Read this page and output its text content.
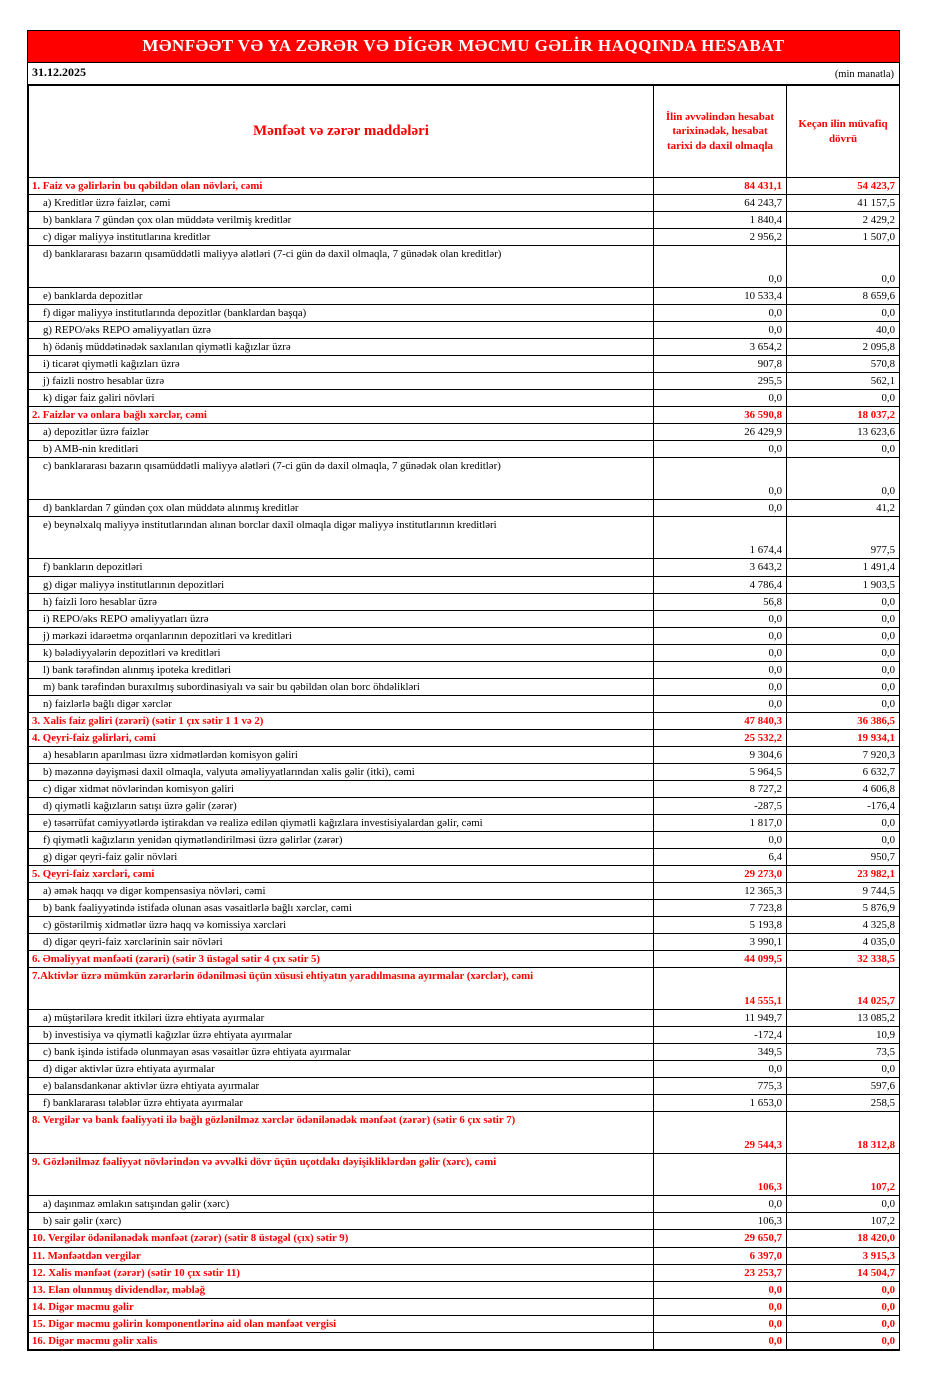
MƏNFƏƏT VƏ YA ZƏRƏR VƏ DİGƏR MƏCMU GƏLİR HAQQINDA HESABAT
31.12.2025	(min manatla)
Mənfəət və zərər maddələri	İlin əvvəlindən hesabat tarixinədək, hesabat tarixi də daxil olmaqla	Keçən ilin müvafiq dövrü
1. Faiz və gəlirlərin bu qəbildən olan növləri, cəmi	84 431,1	54 423,7
a) Kreditlər üzrə faizlər, cəmi	64 243,7	41 157,5
b) banklara 7 gündən çox olan müddətə verilmiş kreditlər	1 840,4	2 429,2
c) digər maliyyə institutlarına kreditlər	2 956,2	1 507,0
d) banklararası bazarın qısamüddətli maliyyə alətləri (7-ci gün də daxil olmaqla, 7 günədək olan kreditlər)	0,0	0,0
e) banklarda depozitlər	10 533,4	8 659,6
f) digər maliyyə institutlarında depozitlər (banklardan başqa)	0,0	0,0
g) REPO/əks REPO əməliyyatları üzrə	0,0	40,0
h) ödəniş müddətinədək saxlanılan qiymətli kağızlar üzrə	3 654,2	2 095,8
i) ticarət qiymətli kağızları üzrə	907,8	570,8
j) faizli nostro hesablar üzrə	295,5	562,1
k) digər faiz gəliri növləri	0,0	0,0
2. Faizlər və onlara bağlı xərclər, cəmi	36 590,8	18 037,2
a) depozitlər üzrə faizlər	26 429,9	13 623,6
b) AMB-nin kreditləri	0,0	0,0
c) banklararası bazarın qısamüddətli maliyyə alətləri (7-ci gün də daxil olmaqla, 7 günədək olan kreditlər)	0,0	0,0
d) banklardan 7 gündən çox olan müddətə alınmış kreditlər	0,0	41,2
e) beynəlxalq maliyyə institutlarından alınan borclar daxil olmaqla digər maliyyə institutlarının kreditləri	1 674,4	977,5
f) bankların depozitləri	3 643,2	1 491,4
g) digər maliyyə institutlarının depozitləri	4 786,4	1 903,5
h) faizli loro hesablar üzrə	56,8	0,0
i) REPO/əks REPO əməliyyatları üzrə	0,0	0,0
j) mərkəzi idarəetmə orqanlarının depozitləri və kreditləri	0,0	0,0
k) bələdiyyələrin depozitləri və kreditləri	0,0	0,0
l) bank tərəfindən alınmış ipoteka kreditləri	0,0	0,0
m) bank tərəfindən buraxılmış subordinasiyalı və sair bu qəbildən olan borc öhdəlikləri	0,0	0,0
n) faizlərlə bağlı digər xərclər	0,0	0,0
3. Xalis faiz gəliri (zərəri) (sətir 1 çıx sətir 1 1 və 2)	47 840,3	36 386,5
4. Qeyri-faiz gəlirləri, cəmi	25 532,2	19 934,1
a) hesabların aparılması üzrə xidmətlərdən komisyon gəliri	9 304,6	7 920,3
b) məzənnə dəyişməsi daxil olmaqla, valyuta əməliyyatlarından xalis gəlir (itki), cəmi	5 964,5	6 632,7
c) digər xidmət növlərindən komisyon gəliri	8 727,2	4 606,8
d) qiymətli kağızların satışı üzrə gəlir (zərər)	-287,5	-176,4
e) təsərrüfat cəmiyyətlərdə iştirakdan və realizə edilən qiymətli kağızlara investisiyalardan gəlir, cəmi	1 817,0	0,0
f) qiymətli kağızların yenidən qiymətləndirilməsi üzrə gəlirlər (zərər)	0,0	0,0
g) digər qeyri-faiz gəlir növləri	6,4	950,7
5. Qeyri-faiz xərcləri, cəmi	29 273,0	23 982,1
a) əmək haqqı və digər kompensasiya növləri, cəmi	12 365,3	9 744,5
b) bank fəaliyyətində istifadə olunan əsas vəsaitlərlə bağlı xərclər, cəmi	7 723,8	5 876,9
c) göstərilmiş xidmətlər üzrə haqq və komissiya xərcləri	5 193,8	4 325,8
d) digər qeyri-faiz xərclərinin sair növləri	3 990,1	4 035,0
6. Əməliyyat mənfəəti (zərəri) (sətir 3 üstəgəl sətir 4 çıx sətir 5)	44 099,5	32 338,5
7.Aktivlər üzrə mümkün zərərlərin ödənilməsi üçün xüsusi ehtiyatın yaradılmasına ayırmalar (xərclər), cəmi	14 555,1	14 025,7
a) müştərilərə kredit itkiləri üzrə ehtiyata ayırmalar	11 949,7	13 085,2
b) investisiya və qiymətli kağızlar üzrə ehtiyata ayırmalar	-172,4	10,9
c) bank işində istifadə olunmayan əsas vəsaitlər üzrə ehtiyata ayırmalar	349,5	73,5
d) digər aktivlər üzrə ehtiyata ayırmalar	0,0	0,0
e) balansdankənar aktivlər üzrə ehtiyata ayırmalar	775,3	597,6
f) banklararası tələblər üzrə ehtiyata ayırmalar	1 653,0	258,5
8. Vergilər və bank fəaliyyəti ilə bağlı gözlənilməz xərclər ödənilənədək mənfəət (zərər) (sətir 6 çıx sətir 7)	29 544,3	18 312,8
9. Gözlənilməz fəaliyyət növlərindən və əvvəlki dövr üçün uçotdakı dəyişikliklərdən gəlir (xərc), cəmi	106,3	107,2
a) daşınmaz əmlakın satışından gəlir (xərc)	0,0	0,0
b) sair gəlir (xərc)	106,3	107,2
10. Vergilər ödənilənədək mənfəət (zərər) (sətir 8 üstəgəl (çıx) sətir 9)	29 650,7	18 420,0
11. Mənfəətdən vergilər	6 397,0	3 915,3
12. Xalis mənfəət (zərər) (sətir 10 çıx sətir 11)	23 253,7	14 504,7
13. Elan olunmuş dividendlər, məbləğ	0,0	0,0
14. Digər məcmu gəlir	0,0	0,0
15. Digər məcmu gəlirin komponentlərinə aid olan mənfəət vergisi	0,0	0,0
16. Digər məcmu gəlir xalis	0,0	0,0
